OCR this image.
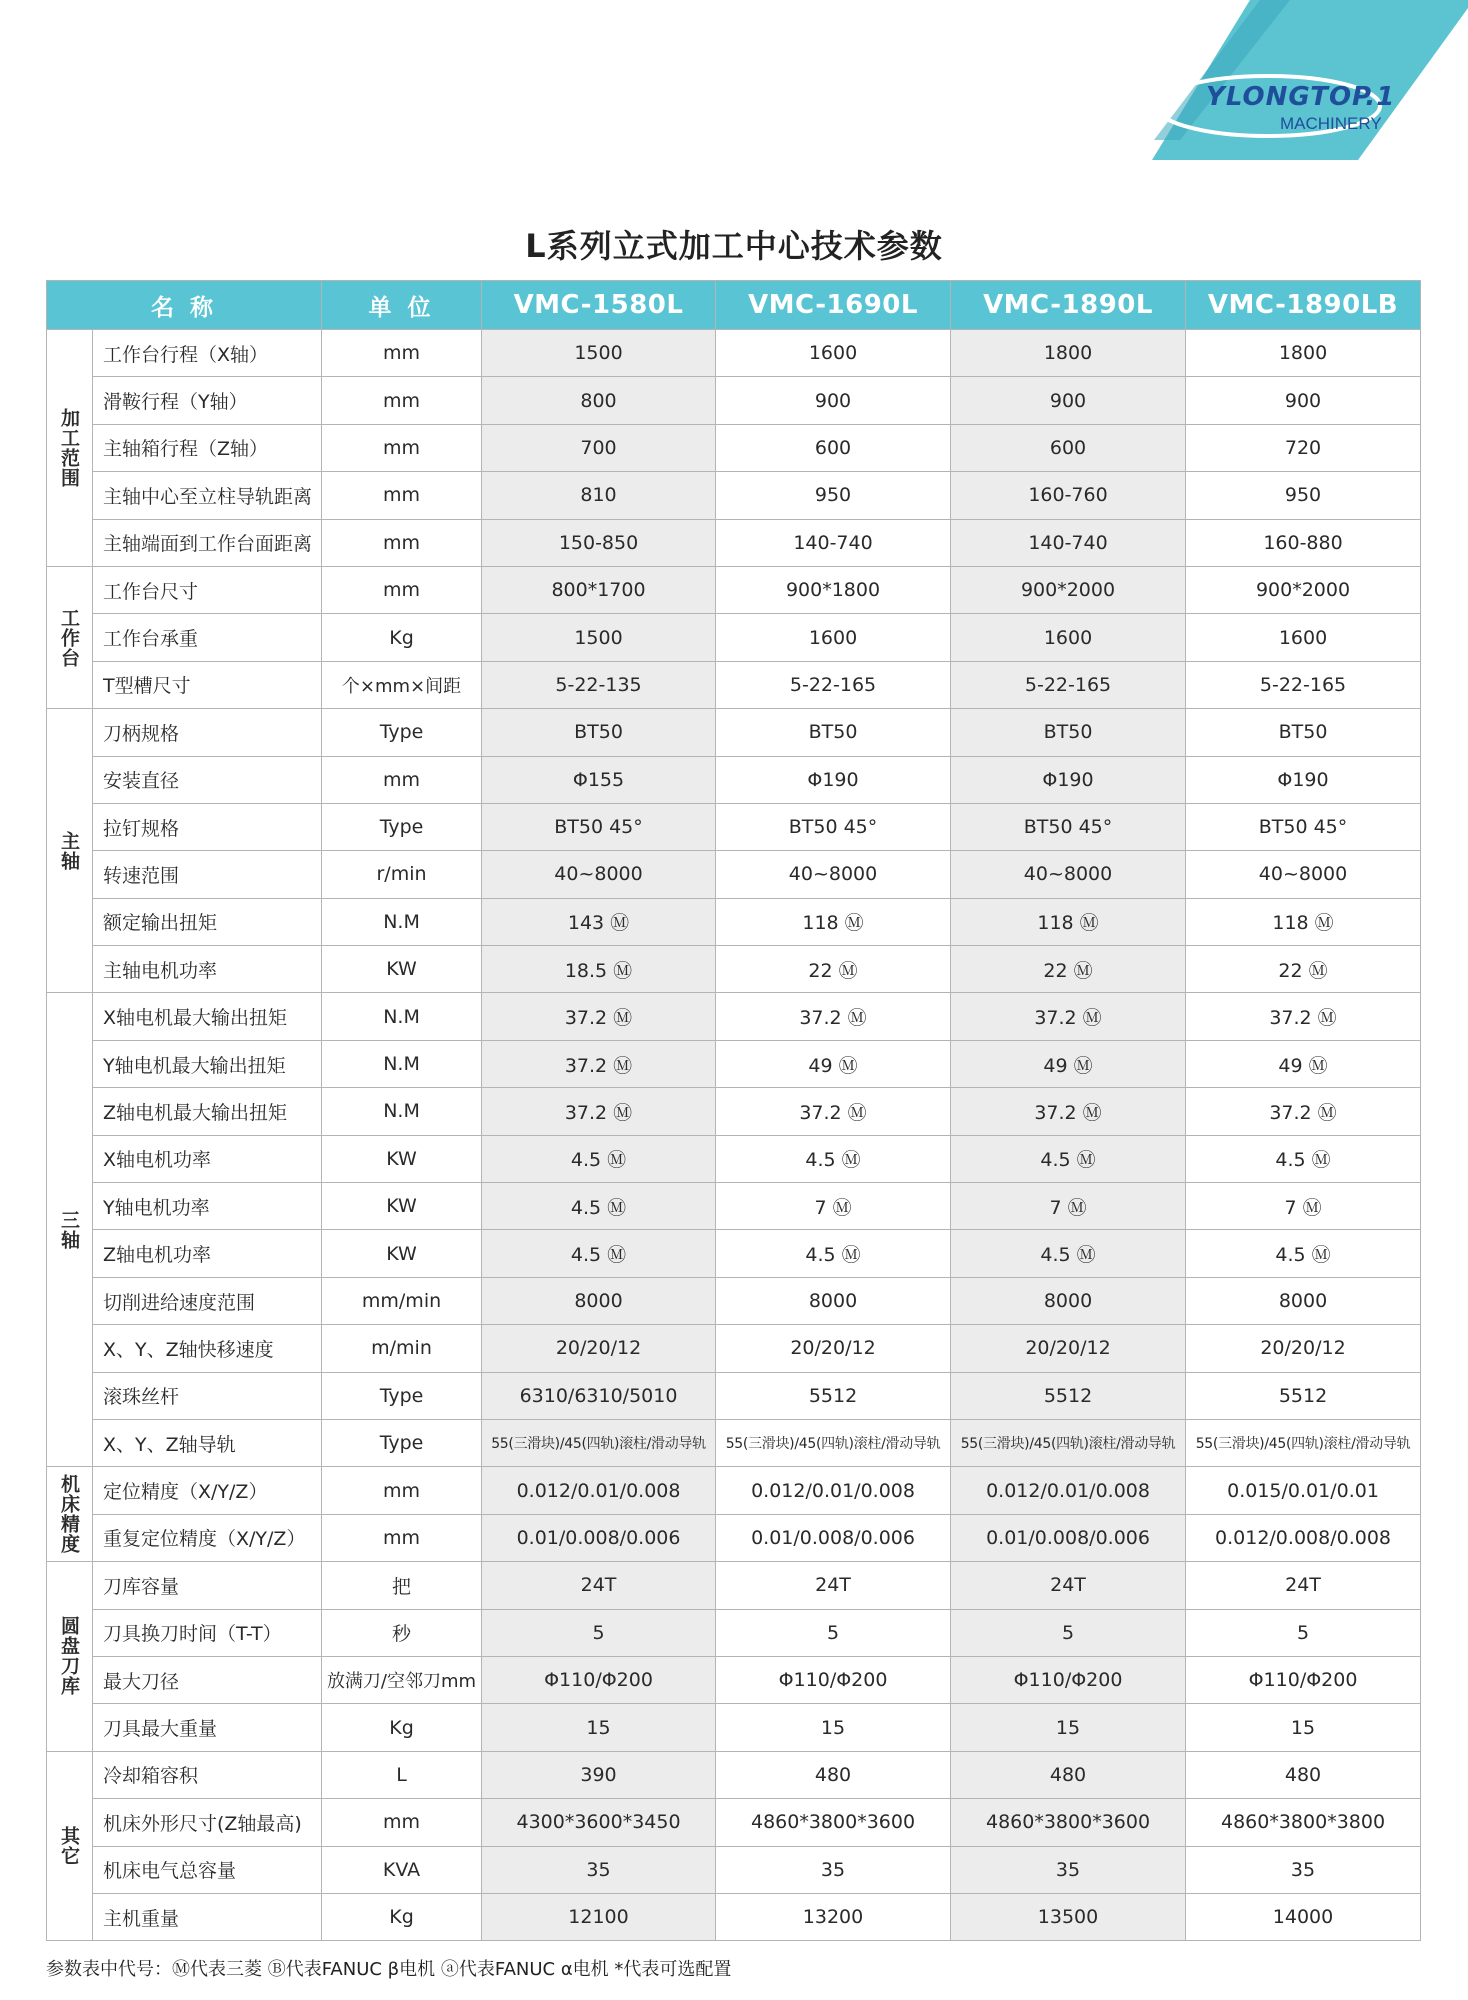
YLONGTOP.1
MACHINERY
L系列立式加工中心技术参数
名 称		单 位	VMC-1580L	VMC-1690L	VMC-1890L	VMC-1890LB
加工范围	工作台行程（X轴）	mm	1500	1600	1800	1800
	滑鞍行程（Y轴）	mm	800	900	900	900
	主轴箱行程（Z轴）	mm	700	600	600	720
	主轴中心至立柱导轨距离	mm	810	950	160-760	950
	主轴端面到工作台面距离	mm	150-850	140-740	140-740	160-880
工作台	工作台尺寸	mm	800*1700	900*1800	900*2000	900*2000
	工作台承重	Kg	1500	1600	1600	1600
	T型槽尺寸	个×mm×间距	5-22-135	5-22-165	5-22-165	5-22-165
主轴	刀柄规格	Type	BT50	BT50	BT50	BT50
	安装直径	mm	Φ155	Φ190	Φ190	Φ190
	拉钉规格	Type	BT50 45°	BT50 45°	BT50 45°	BT50 45°
	转速范围	r/min	40~8000	40~8000	40~8000	40~8000
	额定输出扭矩	N.M	143 Ⓜ	118 Ⓜ	118 Ⓜ	118 Ⓜ
	主轴电机功率	KW	18.5 Ⓜ	22 Ⓜ	22 Ⓜ	22 Ⓜ
三轴	X轴电机最大输出扭矩	N.M	37.2 Ⓜ	37.2 Ⓜ	37.2 Ⓜ	37.2 Ⓜ
	Y轴电机最大输出扭矩	N.M	37.2 Ⓜ	49 Ⓜ	49 Ⓜ	49 Ⓜ
	Z轴电机最大输出扭矩	N.M	37.2 Ⓜ	37.2 Ⓜ	37.2 Ⓜ	37.2 Ⓜ
	X轴电机功率	KW	4.5 Ⓜ	4.5 Ⓜ	4.5 Ⓜ	4.5 Ⓜ
	Y轴电机功率	KW	4.5 Ⓜ	7 Ⓜ	7 Ⓜ	7 Ⓜ
	Z轴电机功率	KW	4.5 Ⓜ	4.5 Ⓜ	4.5 Ⓜ	4.5 Ⓜ
	切削进给速度范围	mm/min	8000	8000	8000	8000
	X、Y、Z轴快移速度	m/min	20/20/12	20/20/12	20/20/12	20/20/12
	滚珠丝杆	Type	6310/6310/5010	5512	5512	5512
	X、Y、Z轴导轨	Type	55(三滑块)/45(四轨)滚柱/滑动导轨	55(三滑块)/45(四轨)滚柱/滑动导轨	55(三滑块)/45(四轨)滚柱/滑动导轨	55(三滑块)/45(四轨)滚柱/滑动导轨
机床精度	定位精度（X/Y/Z）	mm	0.012/0.01/0.008	0.012/0.01/0.008	0.012/0.01/0.008	0.015/0.01/0.01
	重复定位精度（X/Y/Z）	mm	0.01/0.008/0.006	0.01/0.008/0.006	0.01/0.008/0.006	0.012/0.008/0.008
圆盘刀库	刀库容量	把	24T	24T	24T	24T
	刀具换刀时间（T-T）	秒	5	5	5	5
	最大刀径	放满刀/空邻刀mm	Φ110/Φ200	Φ110/Φ200	Φ110/Φ200	Φ110/Φ200
	刀具最大重量	Kg	15	15	15	15
其它	冷却箱容积	L	390	480	480	480
	机床外形尺寸(Z轴最高)	mm	4300*3600*3450	4860*3800*3600	4860*3800*3600	4860*3800*3800
	机床电气总容量	KVA	35	35	35	35
	主机重量	Kg	12100	13200	13500	14000
参数表中代号：Ⓜ代表三菱 Ⓑ代表FANUC β电机 ⓐ代表FANUC α电机 *代表可选配置
